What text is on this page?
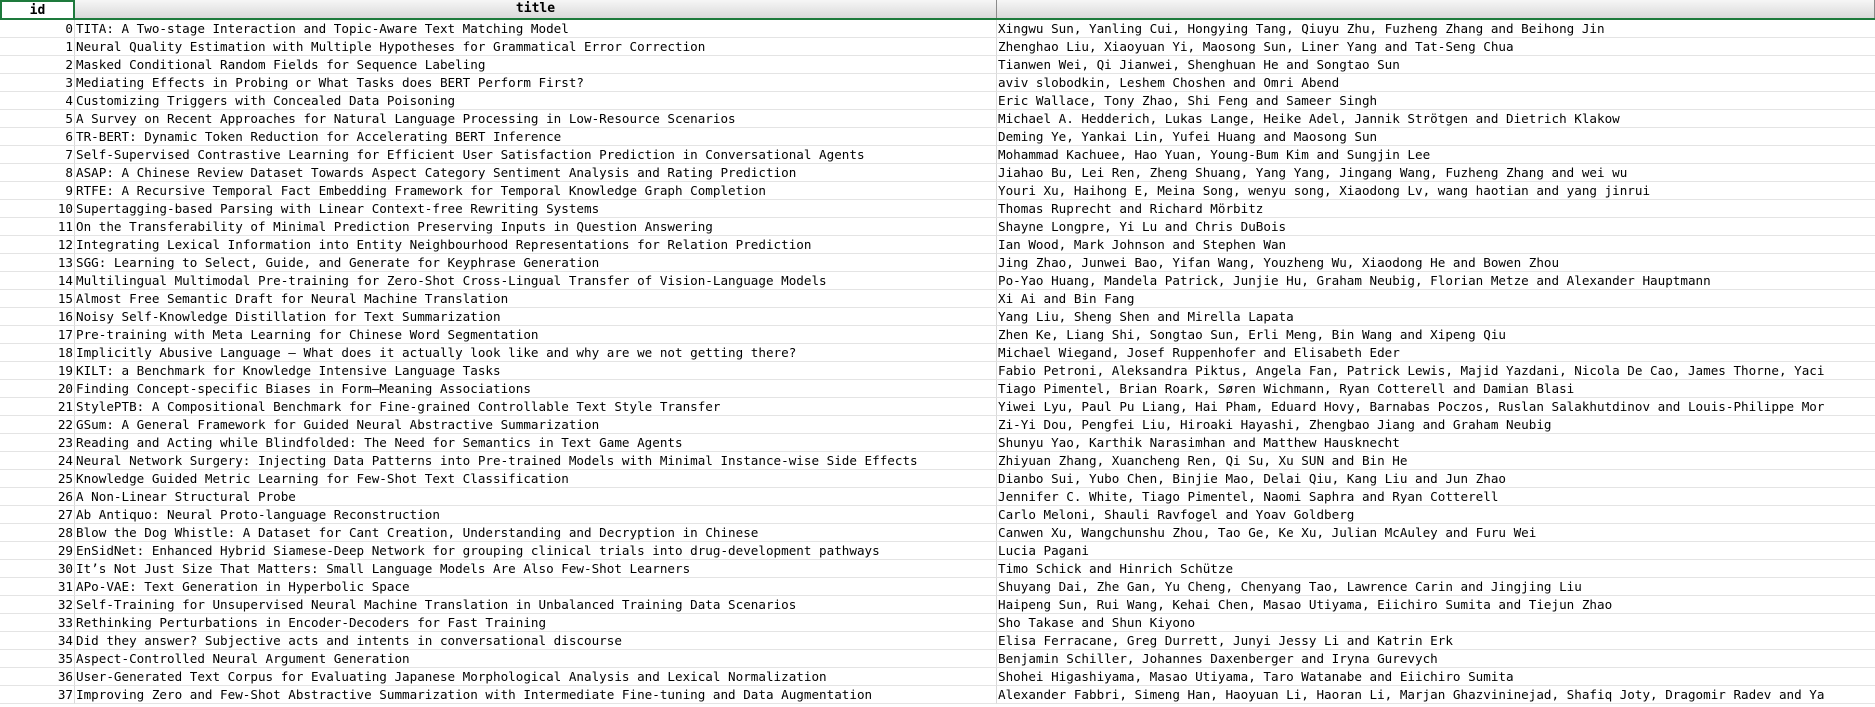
id	title
0 TITA: A Two-stage Interaction and Topic-Aware Text Matching Model	Xingwu Sun, Yanling Cui, Hongying Tang, Qiuyu Zhu, Fuzheng Zhang and Beihong Jin
1 Neural Quality Estimation with Multiple Hypotheses for Grammatical Error Correction	Zhenghao Liu, Xiaoyuan Yi, Maosong Sun, Liner Yang and Tat-Seng Chua
2 Masked Conditional Random Fields for Sequence Labeling	Tianwen Wei, Qi Jianwei, Shenghuan He and Songtao Sun
3 Mediating Effects in Probing or What Tasks does BERT Perform First?	aviv slobodkin, Leshem Choshen and Omri Abend
4 Customizing Triggers with Concealed Data Poisoning	Eric Wallace, Tony Zhao, Shi Feng and Sameer Singh
5 A Survey on Recent Approaches for Natural Language Processing in Low-Resource Scenarios	Michael A. Hedderich, Lukas Lange, Heike Adel, Jannik Strötgen and Dietrich Klakow
6 TR-BERT: Dynamic Token Reduction for Accelerating BERT Inference	Deming Ye, Yankai Lin, Yufei Huang and Maosong Sun
7 Self-Supervised Contrastive Learning for Efficient User Satisfaction Prediction in Conversational Agents	Mohammad Kachuee, Hao Yuan, Young-Bum Kim and Sungjin Lee
8 ASAP: A Chinese Review Dataset Towards Aspect Category Sentiment Analysis and Rating Prediction	Jiahao Bu, Lei Ren, Zheng Shuang, Yang Yang, Jingang Wang, Fuzheng Zhang and wei wu
9 RTFE: A Recursive Temporal Fact Embedding Framework for Temporal Knowledge Graph Completion	Youri Xu, Haihong E, Meina Song, wenyu song, Xiaodong Lv, wang haotian and yang jinrui
10 Supertagging-based Parsing with Linear Context-free Rewriting Systems	Thomas Ruprecht and Richard Mörbitz
11 On the Transferability of Minimal Prediction Preserving Inputs in Question Answering	Shayne Longpre, Yi Lu and Chris DuBois
12 Integrating Lexical Information into Entity Neighbourhood Representations for Relation Prediction	Ian Wood, Mark Johnson and Stephen Wan
13 SGG: Learning to Select, Guide, and Generate for Keyphrase Generation	Jing Zhao, Junwei Bao, Yifan Wang, Youzheng Wu, Xiaodong He and Bowen Zhou
14 Multilingual Multimodal Pre-training for Zero-Shot Cross-Lingual Transfer of Vision-Language Models	Po-Yao Huang, Mandela Patrick, Junjie Hu, Graham Neubig, Florian Metze and Alexander Hauptmann
15 Almost Free Semantic Draft for Neural Machine Translation	Xi Ai and Bin Fang
16 Noisy Self-Knowledge Distillation for Text Summarization	Yang Liu, Sheng Shen and Mirella Lapata
17 Pre-training with Meta Learning for Chinese Word Segmentation	Zhen Ke, Liang Shi, Songtao Sun, Erli Meng, Bin Wang and Xipeng Qiu
18 Implicitly Abusive Language – What does it actually look like and why are we not getting there?	Michael Wiegand, Josef Ruppenhofer and Elisabeth Eder
19 KILT: a Benchmark for Knowledge Intensive Language Tasks	Fabio Petroni, Aleksandra Piktus, Angela Fan, Patrick Lewis, Majid Yazdani, Nicola De Cao, James Thorne, Yaci
20 Finding Concept-specific Biases in Form–Meaning Associations	Tiago Pimentel, Brian Roark, Søren Wichmann, Ryan Cotterell and Damian Blasi
21 StylePTB: A Compositional Benchmark for Fine-grained Controllable Text Style Transfer	Yiwei Lyu, Paul Pu Liang, Hai Pham, Eduard Hovy, Barnabas Poczos, Ruslan Salakhutdinov and Louis-Philippe Mor
22 GSum: A General Framework for Guided Neural Abstractive Summarization	Zi-Yi Dou, Pengfei Liu, Hiroaki Hayashi, Zhengbao Jiang and Graham Neubig
23 Reading and Acting while Blindfolded: The Need for Semantics in Text Game Agents	Shunyu Yao, Karthik Narasimhan and Matthew Hausknecht
24 Neural Network Surgery: Injecting Data Patterns into Pre-trained Models with Minimal Instance-wise Side Effects	Zhiyuan Zhang, Xuancheng Ren, Qi Su, Xu SUN and Bin He
25 Knowledge Guided Metric Learning for Few-Shot Text Classification	Dianbo Sui, Yubo Chen, Binjie Mao, Delai Qiu, Kang Liu and Jun Zhao
26 A Non-Linear Structural Probe	Jennifer C. White, Tiago Pimentel, Naomi Saphra and Ryan Cotterell
27 Ab Antiquo: Neural Proto-language Reconstruction	Carlo Meloni, Shauli Ravfogel and Yoav Goldberg
28 Blow the Dog Whistle: A Dataset for Cant Creation, Understanding and Decryption in Chinese	Canwen Xu, Wangchunshu Zhou, Tao Ge, Ke Xu, Julian McAuley and Furu Wei
29 EnSidNet: Enhanced Hybrid Siamese-Deep Network for grouping clinical trials into drug-development pathways	Lucia Pagani
30 It’s Not Just Size That Matters: Small Language Models Are Also Few-Shot Learners	Timo Schick and Hinrich Schütze
31 APo-VAE: Text Generation in Hyperbolic Space	Shuyang Dai, Zhe Gan, Yu Cheng, Chenyang Tao, Lawrence Carin and Jingjing Liu
32 Self-Training for Unsupervised Neural Machine Translation in Unbalanced Training Data Scenarios	Haipeng Sun, Rui Wang, Kehai Chen, Masao Utiyama, Eiichiro Sumita and Tiejun Zhao
33 Rethinking Perturbations in Encoder-Decoders for Fast Training	Sho Takase and Shun Kiyono
34 Did they answer? Subjective acts and intents in conversational discourse	Elisa Ferracane, Greg Durrett, Junyi Jessy Li and Katrin Erk
35 Aspect-Controlled Neural Argument Generation	Benjamin Schiller, Johannes Daxenberger and Iryna Gurevych
36 User-Generated Text Corpus for Evaluating Japanese Morphological Analysis and Lexical Normalization	Shohei Higashiyama, Masao Utiyama, Taro Watanabe and Eiichiro Sumita
37 Improving Zero and Few-Shot Abstractive Summarization with Intermediate Fine-tuning and Data Augmentation	Alexander Fabbri, Simeng Han, Haoyuan Li, Haoran Li, Marjan Ghazvininejad, Shafiq Joty, Dragomir Radev and Ya
